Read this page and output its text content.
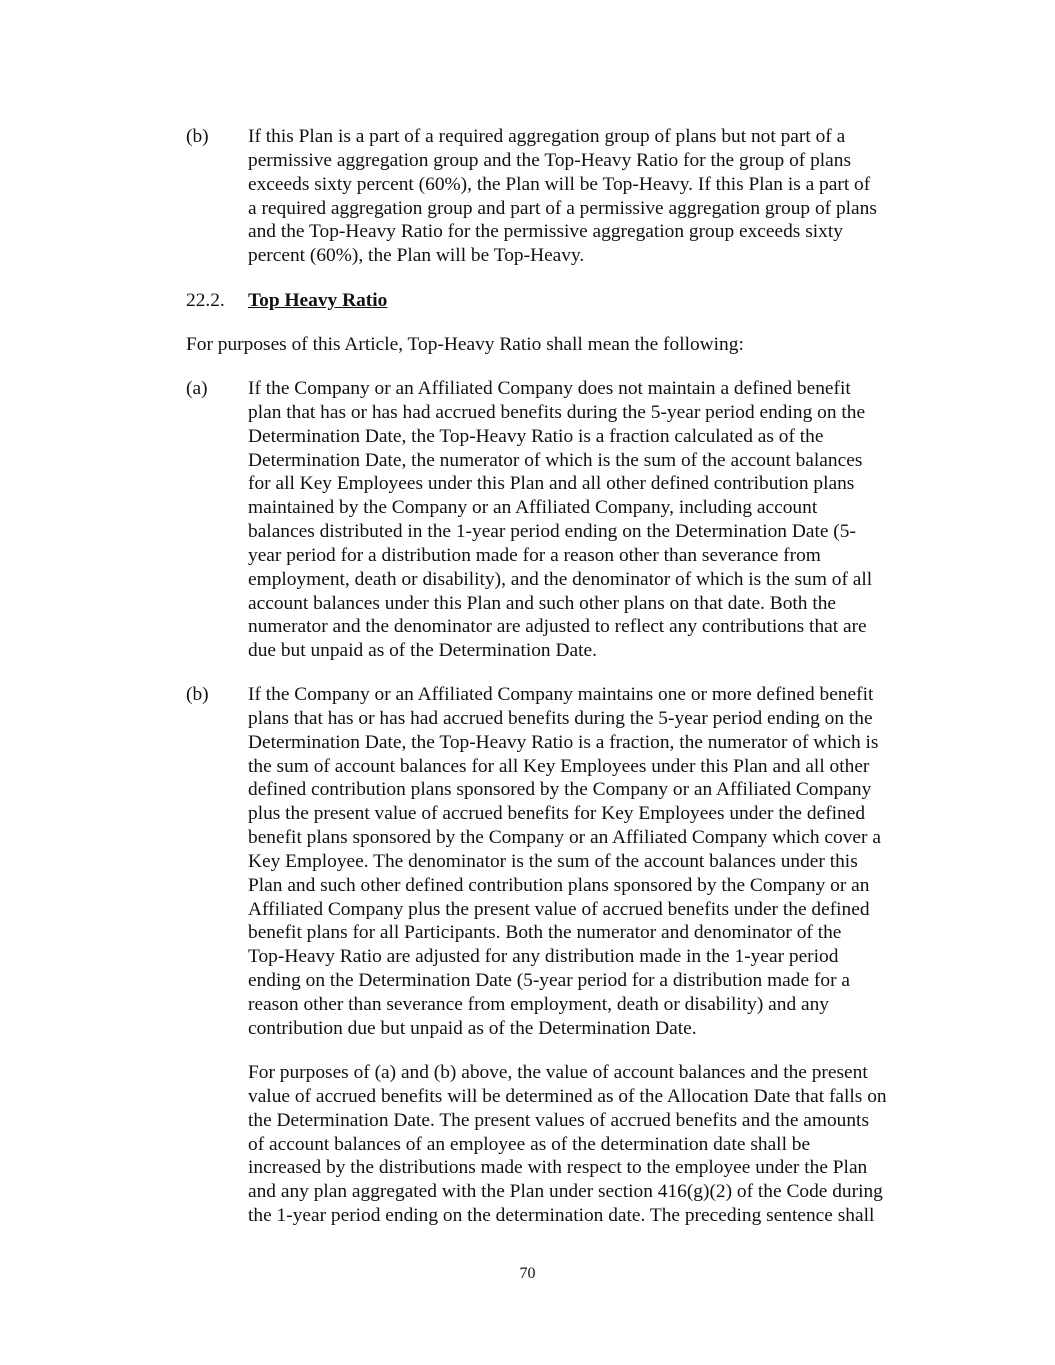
(b) If this Plan is a part of a required aggregation group of plans but not part of a
permissive aggregation group and the Top-Heavy Ratio for the group of plans
exceeds sixty percent (60%), the Plan will be Top-Heavy. If this Plan is a part of
a required aggregation group and part of a permissive aggregation group of plans
and the Top-Heavy Ratio for the permissive aggregation group exceeds sixty
percent (60%), the Plan will be Top-Heavy.
22.2. Top Heavy Ratio
For purposes of this Article, Top-Heavy Ratio shall mean the following:
(a) If the Company or an Affiliated Company does not maintain a defined benefit
plan that has or has had accrued benefits during the 5-year period ending on the
Determination Date, the Top-Heavy Ratio is a fraction calculated as of the
Determination Date, the numerator of which is the sum of the account balances
for all Key Employees under this Plan and all other defined contribution plans
maintained by the Company or an Affiliated Company, including account
balances distributed in the 1-year period ending on the Determination Date (5-
year period for a distribution made for a reason other than severance from
employment, death or disability), and the denominator of which is the sum of all
account balances under this Plan and such other plans on that date. Both the
numerator and the denominator are adjusted to reflect any contributions that are
due but unpaid as of the Determination Date.
(b) If the Company or an Affiliated Company maintains one or more defined benefit
plans that has or has had accrued benefits during the 5-year period ending on the
Determination Date, the Top-Heavy Ratio is a fraction, the numerator of which is
the sum of account balances for all Key Employees under this Plan and all other
defined contribution plans sponsored by the Company or an Affiliated Company
plus the present value of accrued benefits for Key Employees under the defined
benefit plans sponsored by the Company or an Affiliated Company which cover a
Key Employee. The denominator is the sum of the account balances under this
Plan and such other defined contribution plans sponsored by the Company or an
Affiliated Company plus the present value of accrued benefits under the defined
benefit plans for all Participants. Both the numerator and denominator of the
Top-Heavy Ratio are adjusted for any distribution made in the 1-year period
ending on the Determination Date (5-year period for a distribution made for a
reason other than severance from employment, death or disability) and any
contribution due but unpaid as of the Determination Date.
For purposes of (a) and (b) above, the value of account balances and the present
value of accrued benefits will be determined as of the Allocation Date that falls on
the Determination Date. The present values of accrued benefits and the amounts
of account balances of an employee as of the determination date shall be
increased by the distributions made with respect to the employee under the Plan
and any plan aggregated with the Plan under section 416(g)(2) of the Code during
the 1-year period ending on the determination date. The preceding sentence shall
70
